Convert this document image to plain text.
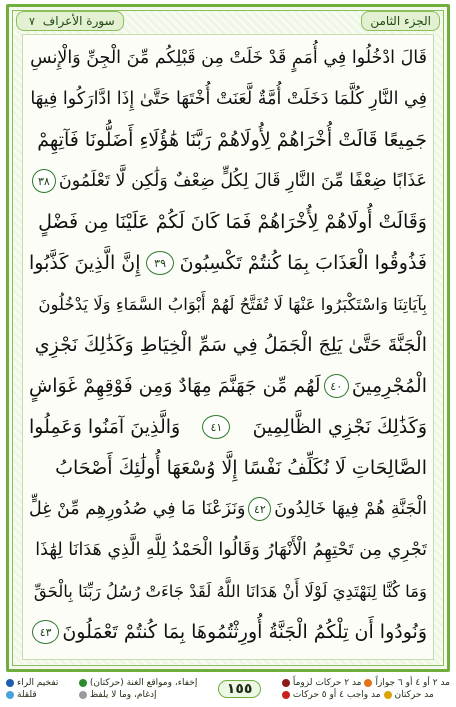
الجزء الثامن
سورة الأعراف ٧
قَالَ ادْخُلُوا فِي أُمَمٍ قَدْ خَلَتْ مِن قَبْلِكُم مِّنَ الْجِنِّ وَالْإِنسِ
فِي النَّارِ كُلَّمَا دَخَلَتْ أُمَّةٌ لَّعَنَتْ أُخْتَهَا حَتَّىٰ إِذَا ادَّارَكُوا فِيهَا
جَمِيعًا قَالَتْ أُخْرَاهُمْ لِأُولَاهُمْ رَبَّنَا هَٰؤُلَاءِ أَضَلُّونَا فَآتِهِمْ
عَذَابًا ضِعْفًا مِّنَ النَّارِ قَالَ لِكُلٍّ ضِعْفٌ وَلَٰكِن لَّا تَعْلَمُونَ
٣٨
وَقَالَتْ أُولَاهُمْ لِأُخْرَاهُمْ فَمَا كَانَ لَكُمْ عَلَيْنَا مِن فَضْلٍ
فَذُوقُوا الْعَذَابَ بِمَا كُنتُمْ تَكْسِبُونَ
٣٩
إِنَّ الَّذِينَ كَذَّبُوا
بِآيَاتِنَا وَاسْتَكْبَرُوا عَنْهَا لَا تُفَتَّحُ لَهُمْ أَبْوَابُ السَّمَاءِ وَلَا يَدْخُلُونَ
الْجَنَّةَ حَتَّىٰ يَلِجَ الْجَمَلُ فِي سَمِّ الْخِيَاطِ وَكَذَٰلِكَ نَجْزِي
الْمُجْرِمِينَ
٤٠
لَهُم مِّن جَهَنَّمَ مِهَادٌ وَمِن فَوْقِهِمْ غَوَاشٍ
وَكَذَٰلِكَ نَجْزِي الظَّالِمِينَ
٤١
وَالَّذِينَ آمَنُوا وَعَمِلُوا
الصَّالِحَاتِ لَا نُكَلِّفُ نَفْسًا إِلَّا وُسْعَهَا أُولَٰئِكَ أَصْحَابُ
الْجَنَّةِ هُمْ فِيهَا خَالِدُونَ
٤٢
وَنَزَعْنَا مَا فِي صُدُورِهِم مِّنْ غِلٍّ
تَجْرِي مِن تَحْتِهِمُ الْأَنْهَارُ وَقَالُوا الْحَمْدُ لِلَّهِ الَّذِي هَدَانَا لِهَٰذَا
وَمَا كُنَّا لِنَهْتَدِيَ لَوْلَا أَنْ هَدَانَا اللَّهُ لَقَدْ جَاءَتْ رُسُلُ رَبِّنَا بِالْحَقِّ
وَنُودُوا أَن تِلْكُمُ الْجَنَّةُ أُورِثْتُمُوهَا بِمَا كُنتُمْ تَعْمَلُونَ
٤٣
تفخيم الراء
قلقلة
إخفاء، ومواقع الغنة (حركتان)
إدغام، وما لا يلفظ	١٥٥	مد ٢ حركات لزوماً مد ٢ أو ٤ أو ٦ جوازاً
مد واجب ٤ أو ٥ حركات مد حركتان
